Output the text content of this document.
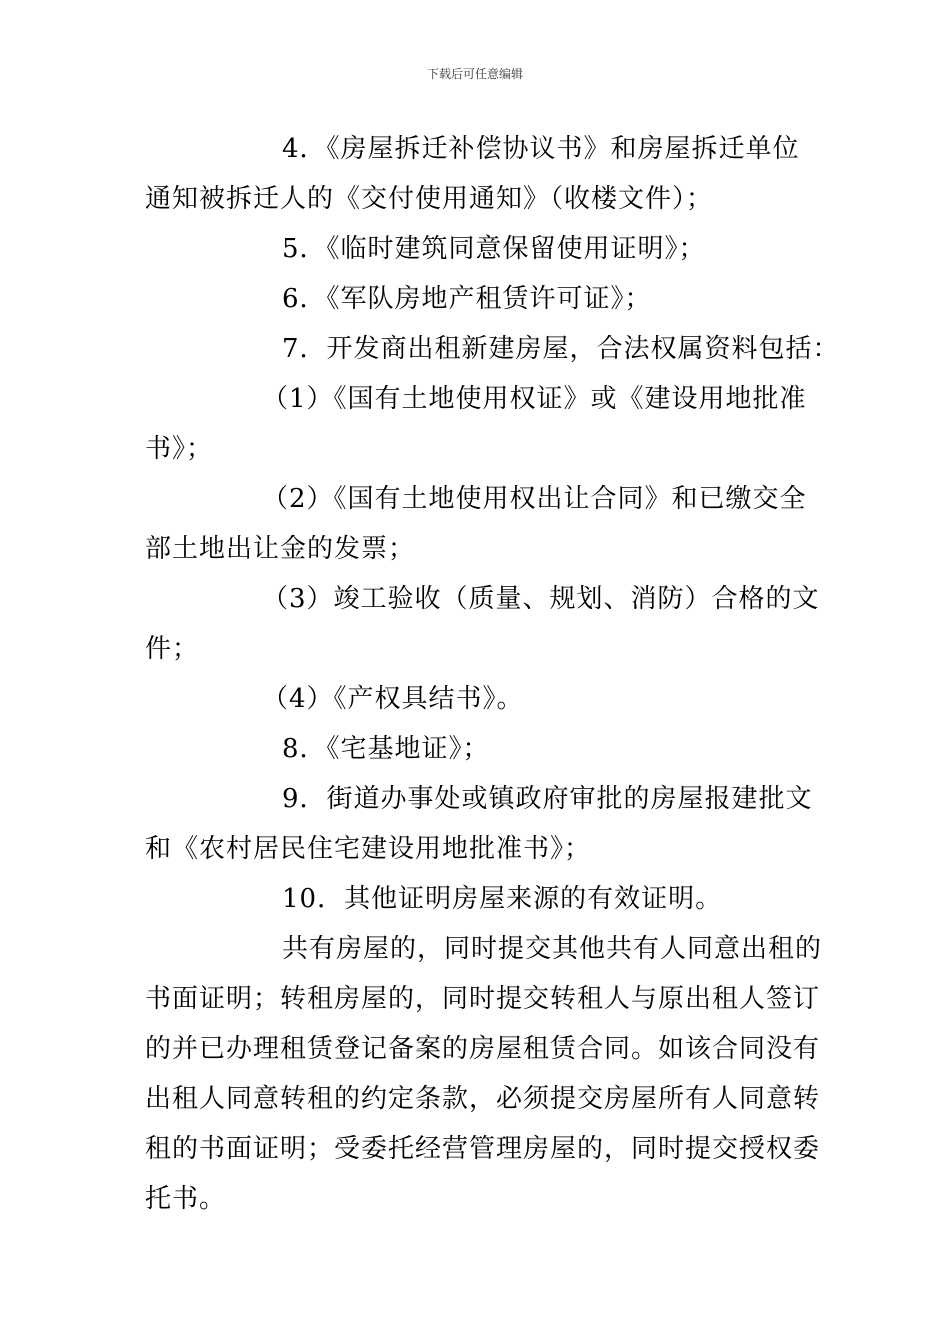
下载后可任意编辑
4．《房屋拆迁补偿协议书》和房屋拆迁单位
通知被拆迁人的《交付使用通知》（收楼文件）；
5．《临时建筑同意保留使用证明》；
6．《军队房地产租赁许可证》；
7．开发商出租新建房屋，合法权属资料包括：
（1）《国有土地使用权证》或《建设用地批准
书》；
（2）《国有土地使用权出让合同》和已缴交全
部土地出让金的发票；
（3）竣工验收（质量、规划、消防）合格的文
件；
（4）《产权具结书》。
8．《宅基地证》；
9．街道办事处或镇政府审批的房屋报建批文
和《农村居民住宅建设用地批准书》；
10．其他证明房屋来源的有效证明。
共有房屋的，同时提交其他共有人同意出租的
书面证明；转租房屋的，同时提交转租人与原出租人签订
的并已办理租赁登记备案的房屋租赁合同。如该合同没有
出租人同意转租的约定条款，必须提交房屋所有人同意转
租的书面证明；受委托经营管理房屋的，同时提交授权委
托书。
